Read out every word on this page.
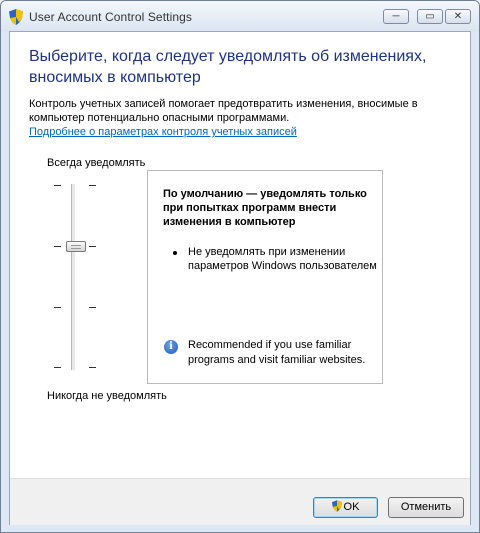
User Account Control Settings	─	▭	✕
Выберите, когда следует уведомлять об изменениях, вносимых в компьютер
Контроль учетных записей помогает предотвратить изменения, вносимые в компьютер потенциально опасными программами.
Подробнее о параметрах контроля учетных записей
Всегда уведомлять
Никогда не уведомлять
По умолчанию — уведомлять только при попытках программ внести изменения в компьютер
Не уведомлять при изменении параметров Windows пользователем
i	Recommended if you use familiar programs and visit familiar websites.
OK	Отменить
